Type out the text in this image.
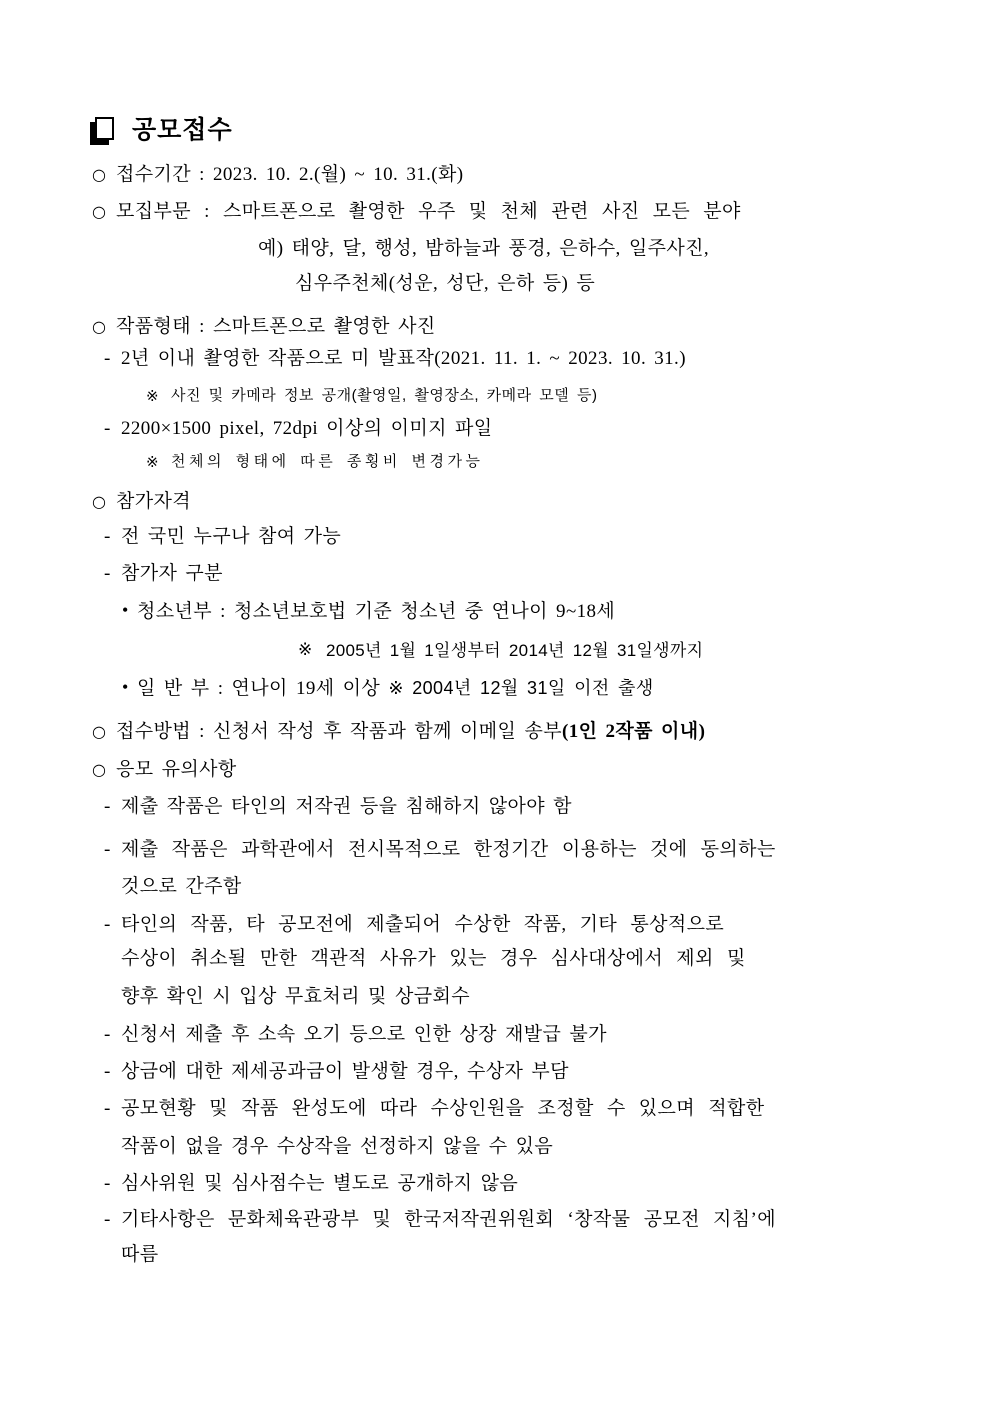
공모접수
○ 접수기간 : 2023. 10. 2.(월) ~ 10. 31.(화)
○ 모집부문 : 스마트폰으로 촬영한 우주 및 천체 관련 사진 모든 분야
예) 태양, 달, 행성, 밤하늘과 풍경, 은하수, 일주사진,
심우주천체(성운, 성단, 은하 등) 등
○ 작품형태 : 스마트폰으로 촬영한 사진
- 2년 이내 촬영한 작품으로 미 발표작(2021. 11. 1. ~ 2023. 10. 31.)
※ 사진 및 카메라 정보 공개(촬영일, 촬영장소, 카메라 모델 등)
- 2200×1500 pixel, 72dpi 이상의 이미지 파일
※ 천체의 형태에 따른 종횡비 변경가능
○ 참가자격
- 전 국민 누구나 참여 가능
- 참가자 구분
• 청소년부 : 청소년보호법 기준 청소년 중 연나이 9~18세
※ 2005년 1월 1일생부터 2014년 12월 31일생까지
• 일 반 부 : 연나이 19세 이상 ※ 2004년 12월 31일 이전 출생
○ 접수방법 : 신청서 작성 후 작품과 함께 이메일 송부(1인 2작품 이내)
○ 응모 유의사항
- 제출 작품은 타인의 저작권 등을 침해하지 않아야 함
- 제출 작품은 과학관에서 전시목적으로 한정기간 이용하는 것에 동의하는
것으로 간주함
- 타인의 작품, 타 공모전에 제출되어 수상한 작품, 기타 통상적으로
수상이 취소될 만한 객관적 사유가 있는 경우 심사대상에서 제외 및
향후 확인 시 입상 무효처리 및 상금회수
- 신청서 제출 후 소속 오기 등으로 인한 상장 재발급 불가
- 상금에 대한 제세공과금이 발생할 경우, 수상자 부담
- 공모현황 및 작품 완성도에 따라 수상인원을 조정할 수 있으며 적합한
작품이 없을 경우 수상작을 선정하지 않을 수 있음
- 심사위원 및 심사점수는 별도로 공개하지 않음
- 기타사항은 문화체육관광부 및 한국저작권위원회 ‘창작물 공모전 지침’에
따름
